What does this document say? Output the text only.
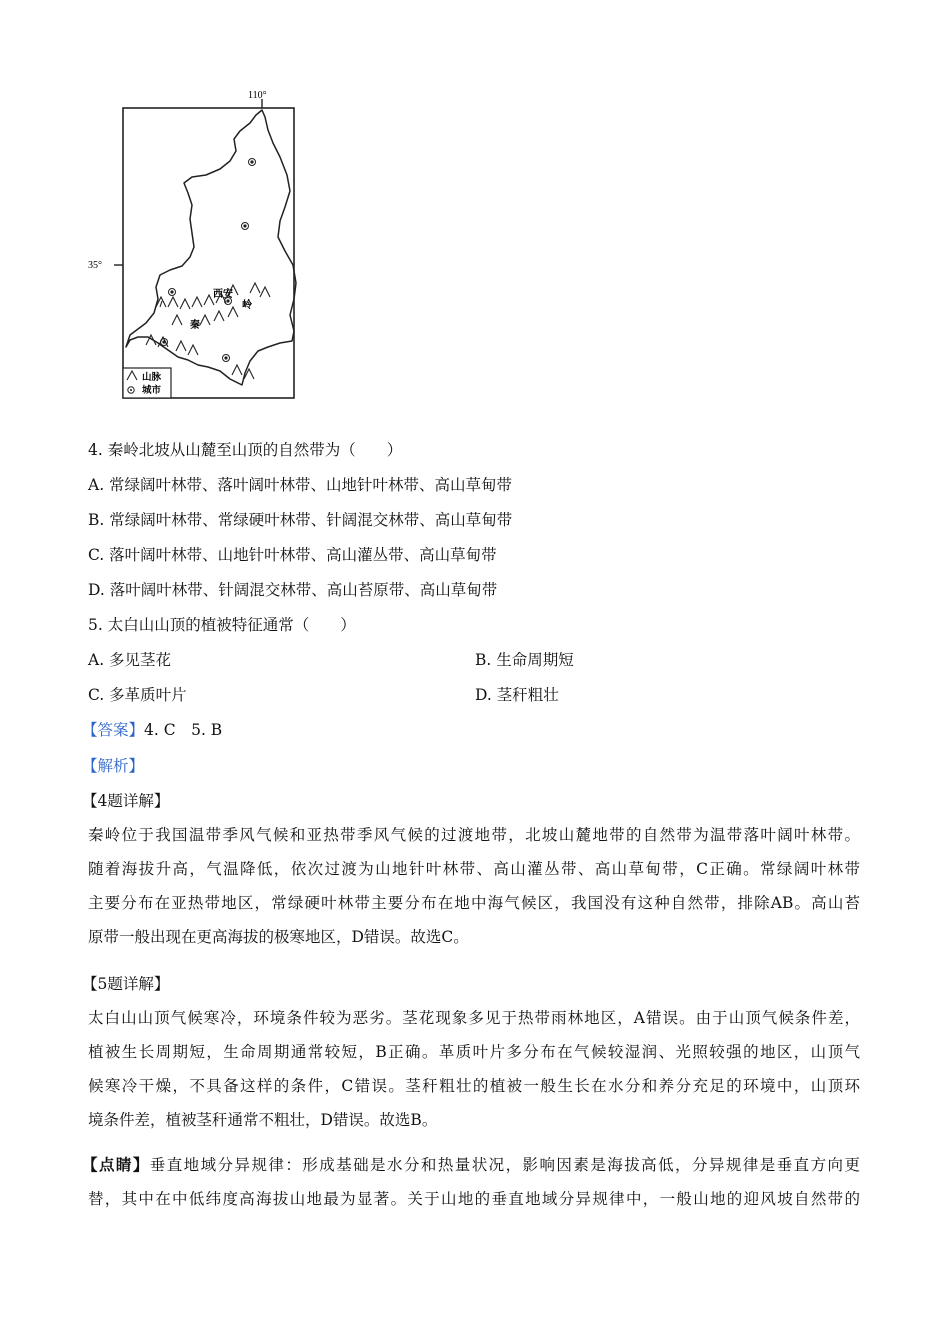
110°
35°
西安
秦
岭
山脉
城市
4. 秦岭北坡从山麓至山顶的自然带为（　　）
A. 常绿阔叶林带、落叶阔叶林带、山地针叶林带、高山草甸带
B. 常绿阔叶林带、常绿硬叶林带、针阔混交林带、高山草甸带
C. 落叶阔叶林带、山地针叶林带、高山灌丛带、高山草甸带
D. 落叶阔叶林带、针阔混交林带、高山苔原带、高山草甸带
5. 太白山山顶的植被特征通常（　　）
A. 多见茎花	B. 生命周期短
C. 多革质叶片	D. 茎秆粗壮
【答案】4. C　5. B
【解析】
【4题详解】
秦岭位于我国温带季风气候和亚热带季风气候的过渡地带，北坡山麓地带的自然带为温带落叶阔叶林带。
随着海拔升高，气温降低，依次过渡为山地针叶林带、高山灌丛带、高山草甸带，C正确。常绿阔叶林带
主要分布在亚热带地区，常绿硬叶林带主要分布在地中海气候区，我国没有这种自然带，排除AB。高山苔
原带一般出现在更高海拔的极寒地区，D错误。故选C。
【5题详解】
太白山山顶气候寒冷，环境条件较为恶劣。茎花现象多见于热带雨林地区，A错误。由于山顶气候条件差，
植被生长周期短，生命周期通常较短，B正确。革质叶片多分布在气候较湿润、光照较强的地区，山顶气
候寒冷干燥，不具备这样的条件，C错误。茎秆粗壮的植被一般生长在水分和养分充足的环境中，山顶环
境条件差，植被茎秆通常不粗壮，D错误。故选B。
【点睛】垂直地域分异规律：形成基础是水分和热量状况，影响因素是海拔高低，分异规律是垂直方向更
替，其中在中低纬度高海拔山地最为显著。关于山地的垂直地域分异规律中，一般山地的迎风坡自然带的
